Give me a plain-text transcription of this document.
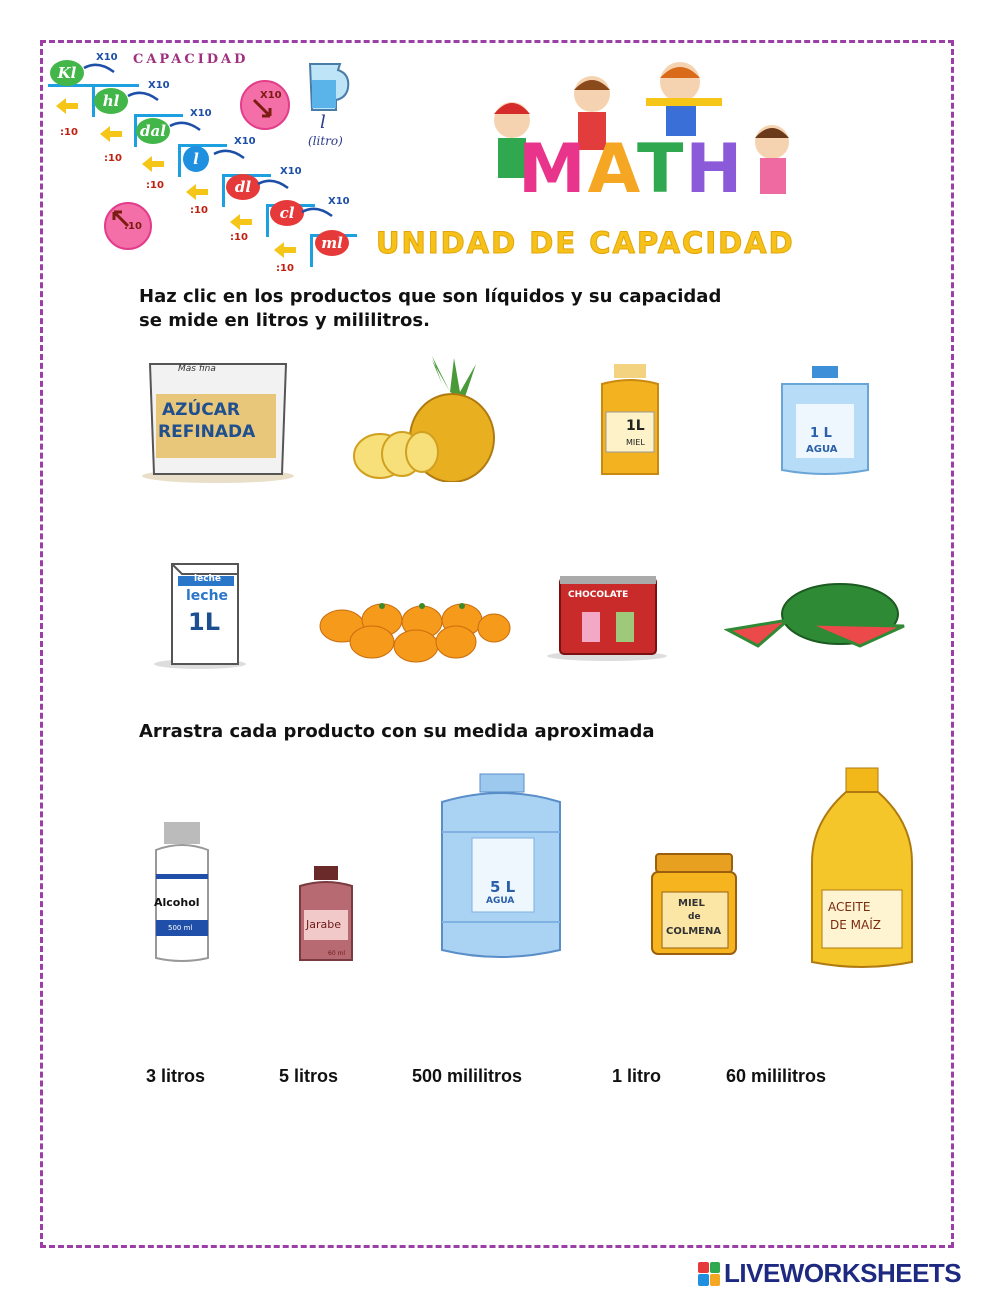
CAPACIDAD
Kl
hl
dal
l
dl
cl
ml
X10
X10
X10
X10
X10
X10
:10
:10
:10
:10
:10
:10
X10
:10
l
(litro)	MATH
UNIDAD DE CAPACIDAD
Haz clic en los productos que son líquidos y su capacidad
se mide en litros y mililitros.
Más fina
AZÚCAR
REFINADA	1L
MIEL
1 L
AGUA
leche
leche
1L
CHOCOLATE
Arrastra cada producto con su medida aproximada
Alcohol
500 ml	Jarabe
60 ml
5 L
AGUA	MIEL
de
COLMENA
ACEITE
DE MAÍZ
3 litros	5 litros	500 mililitros	1 litro	60 mililitros
LIVEWORKSHEETS
